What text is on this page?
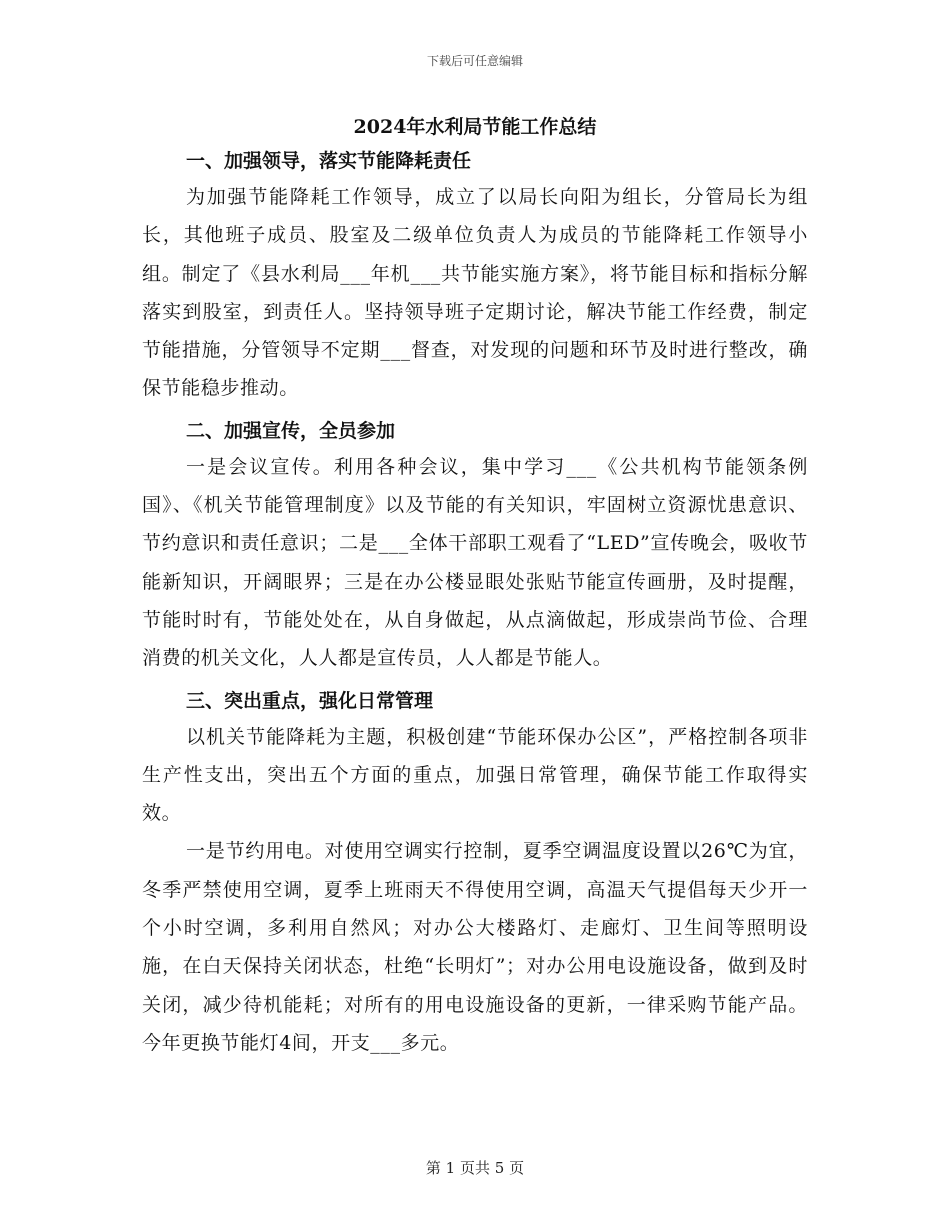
下载后可任意编辑
2024年水利局节能工作总结
一、加强领导，落实节能降耗责任

为加强节能降耗工作领导，成立了以局长向阳为组长，分管局长为组长，其他班子成员、股室及二级单位负责人为成员的节能降耗工作领导小组。制定了《县水利局___年机___共节能实施方案》，将节能目标和指标分解落实到股室，到责任人。坚持领导班子定期讨论，解决节能工作经费，制定节能措施，分管领导不定期___督查，对发现的问题和环节及时进行整改，确保节能稳步推动。

二、加强宣传，全员参加

一是会议宣传。利用各种会议，集中学习___《公共机构节能领条例国》、《机关节能管理制度》以及节能的有关知识，牢固树立资源忧患意识、节约意识和责任意识；二是___全体干部职工观看了“LED”宣传晚会，吸收节能新知识，开阔眼界；三是在办公楼显眼处张贴节能宣传画册，及时提醒，节能时时有，节能处处在，从自身做起，从点滴做起，形成崇尚节俭、合理消费的机关文化，人人都是宣传员，人人都是节能人。

三、突出重点，强化日常管理

以机关节能降耗为主题，积极创建“节能环保办公区”，严格控制各项非生产性支出，突出五个方面的重点，加强日常管理，确保节能工作取得实效。

一是节约用电。对使用空调实行控制，夏季空调温度设置以26℃为宜，冬季严禁使用空调，夏季上班雨天不得使用空调，高温天气提倡每天少开一个小时空调，多利用自然风；对办公大楼路灯、走廊灯、卫生间等照明设施，在白天保持关闭状态，杜绝“长明灯”；对办公用电设施设备，做到及时关闭，减少待机能耗；对所有的用电设施设备的更新，一律采购节能产品。今年更换节能灯4间，开支___多元。

第 1 页共 5 页
